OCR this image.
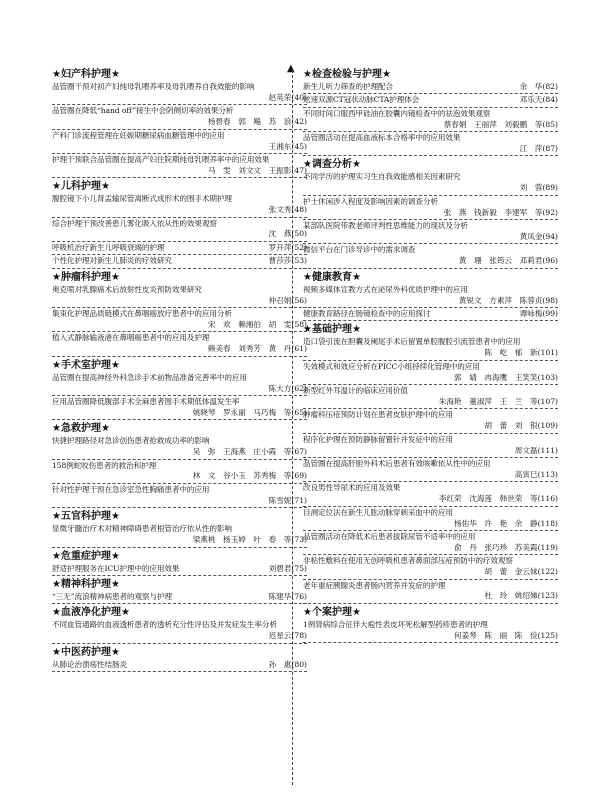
▲
★妇产科护理★
品管圈干预对初产妇纯母乳喂养率及母乳喂养自我效能的影响
赵英荣(40)
品管圈在降低“hand off”接生中会阴侧切率的效果分析
杨碧春　郭　飚　苏　浪(42)
产科门诊流程管理在妊娠期糖尿病血糖管理中的应用
王湘东(45)
护理干预联合品管圈在提高产妇住院期纯母乳喂养率中的应用效果
马　雯　刘文文　王振影(47)
★儿科护理★
腹腔镜下小儿肾盂输尿管离断式成形术的围手术期护理
张文秀(48)
综合护理干预改善患儿雾化吸入依从性的效果观察
沈　燕(50)
呼吸机治疗新生儿呼吸衰竭的护理	罗开萍(52)
个性化护理对新生儿肺炎的疗效研究	曹莎莎(53)
★肿瘤科护理★
奥克喷对乳腺癌术后放射性皮炎预防效果研究
仲召娟(56)
集束化护理品质链模式在鼻咽癌放疗患者中的应用分析
宋　欢　赖湘伯　胡　雯(58)
植入式静脉输液港在鼻咽癌患者中的应用及护理
赖美春　刘秀芳　黄　丹(61)
★手术室护理★
品管圈在提高神经外科急诊手术前物品准备完善率中的应用
陈大方(62)
应用品管圈降低腹部手术全麻患者围手术期低体温发生率
姚晓琴　罗永丽　马巧梅　等(65)
★急救护理★
快捷护理路径对急诊创伤患者抢救成功率的影响
吴　弥　王海燕　庄小霞　等(67)
158例蛇咬伤患者的救治和护理
林　文　谷小玉　苏秀梅　等(69)
针对性护理干预在急诊室急性胸痛患者中的应用
陈雪妮(71)
★五官科护理★
显微牙髓治疗术对精神障碍患者根管治疗依从性的影响
梁燕桃　杨玉婷　叶　春　等(73)
★危重症护理★
舒适护理服务在ICU护理中的应用效果	刘碧君(75)
★精神科护理★
“三无”流浪精神病患者的观察与护理	陈建华(76)
★血液净化护理★
不同血管通路的血液透析患者的透析充分性评估及并发症发生率分析
迟星云(78)
★中医药护理★
从肺论治溃疡性结肠炎	孙　惠(80)
★检查检验与护理★
新生儿听力筛查的护理配合	余　华(82)
炫速双源CT冠状动脉CTA护理体会	邓乐天(84)
不同时间口服西甲硅油在胶囊内镜检查中的祛泡效果观察
蔡春娟　王丽萍　刘毅鹏　等(85)
品管圈活动在提高血液标本合格率中的应用效果
江　萍(87)
★调查分析★
不同学历的护理实习生自我效能感相关因素研究
刘　蓉(89)
护士休闲涉入程度及影响因素的调查分析
张　燕　钱新毅　李建军　等(92)
某部队医院带教老师评判性思维能力的现状及分析
黄凤金(94)
微信平台在门诊导诊中的需求调查
黄　珊　张筠云　邓莉君(96)
★健康教育★
视频多媒体宣教方式在泌尿外科优质护理中的应用
黄锐文　方素萍　陈蓉贞(98)
健康教育路径在肠镜检查中的应用探讨	谭咏梅(99)
★基础护理★
造口袋引流在胆囊及阑尾手术后留置单腔腹腔引流管患者中的应用
陈　屹　郁　新(101)
失效模式和效应分析在PICC小组持续化管理中的应用
郭　婧　冉海鹰　王笑笑(103)
新型红外耳温计的临床应用价值
朱海艳　董淑萍　王　兰　等(107)
肿瘤科压疮预防计划在患者皮肤护理中的应用
胡　蕾　刘　银(109)
程序化护理在预防静脉留置针并发症中的应用
周文磊(111)
品管圈在提高肝胆外科术后患者有效咳嗽依从性中的应用
高寅巳(113)
改良男性导尿术的应用及效果
李红荣　沈海莲　韩世荣　等(116)
目测定位法在新生儿肱动脉穿刺采血中的应用
杨佑华　许　艳　余　静(118)
品管圈活动在降低术后患者拔除尿管不适率中的应用
俞　丹　张巧珍　苏美霞(119)
非粘性敷料在使用无创呼吸机患者鼻面部压疮预防中的疗效观察
胡　蕾　金云妹(122)
老年重症胰腺炎患者肠内营养并发症的护理
杜　玲　姚绍娣(123)
★个案护理★
1例肾病综合征伴大疱性表皮坏死松解型药疹患者的护理
何姜琴　陈　丽　陈　俭(125)
